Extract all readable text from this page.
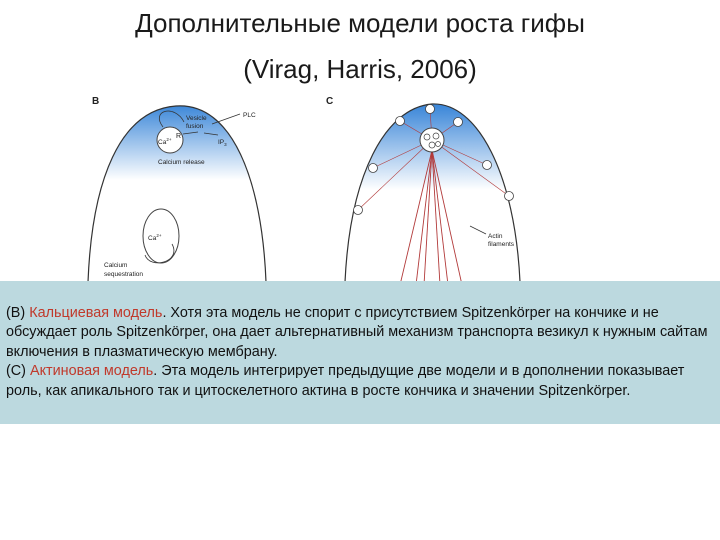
Дополнительные модели роста гифы
(Virag, Harris, 2006)
B
$Ca^{2+}$ R
Vesicle fusion
PLC
$IP_3$
Calcium release
$Ca^{2+}$
Calcium sequestration
C
Actin filaments
(B) Кальциевая модель. Хотя эта модель не спорит с присутствием Spitzenkörper на кончике и не обсуждает роль Spitzenkörper, она дает альтернативный механизм транспорта везикул к нужным сайтам включения в плазматическую мембрану.
(С) Актиновая модель. Эта модель интегрирует предыдущие две модели и в дополнении показывает роль, как апикального так и цитоскелетного актина в росте кончика и значении Spitzenkörper.
